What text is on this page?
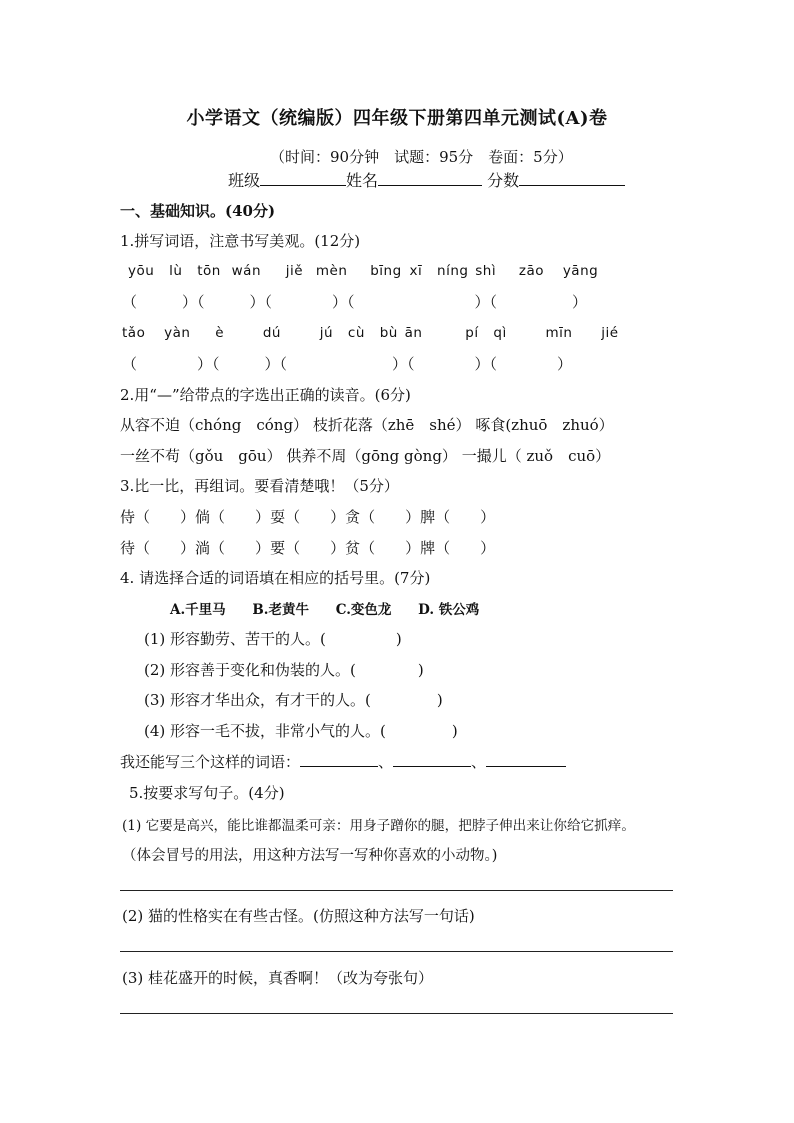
小学语文（统编版）四年级下册第四单元测试(A)卷
（时间：90分钟　试题：95分　卷面：5分）
班级	姓名	分数
一、基础知识。(40分)
1.拼写词语，注意书写美观。(12分)
yōu lù tōn wán jiě mèn bīng xī níng shì zāo yāng
（　　　）（　　　）（　　　　）（　　　　　　　　）（　　　　　）
tǎo yàn è	dú	jú cù bù ān	pí qì	mīn jié
（　　　　）（　　　）（　　　　　　　）（　　　　）（　　　　）
2.用“—”给带点的字选出正确的读音。(6分)
从容不迫（chóng　cóng） 枝折花落（zhē　shé） 啄食(zhuō　zhuó）
一丝不苟（gǒu　gōu） 供养不周（gōng gòng） 一撮儿（ zuǒ　cuō）
3.比一比，再组词。要看清楚哦！（5分）
侍（　　）倘（　　）耍（　　）贪（　　）脾（　　）
待（　　）淌（　　）要（　　）贫（　　）牌（　　）
4. 请选择合适的词语填在相应的括号里。(7分)
A.千里马 B.老黄牛 C.变色龙 D. 铁公鸡
(1) 形容勤劳、苦干的人。(	)
(2) 形容善于变化和伪装的人。(	)
(3) 形容才华出众，有才干的人。(	)
(4) 形容一毛不拔，非常小气的人。(	)
我还能写三个这样的词语：	、	、
5.按要求写句子。(4分)
(1) 它要是高兴，能比谁都温柔可亲：用身子蹭你的腿，把脖子伸出来让你给它抓痒。
（体会冒号的用法，用这种方法写一写种你喜欢的小动物。)
(2) 猫的性格实在有些古怪。(仿照这种方法写一句话)
(3) 桂花盛开的时候，真香啊！（改为夸张句）
